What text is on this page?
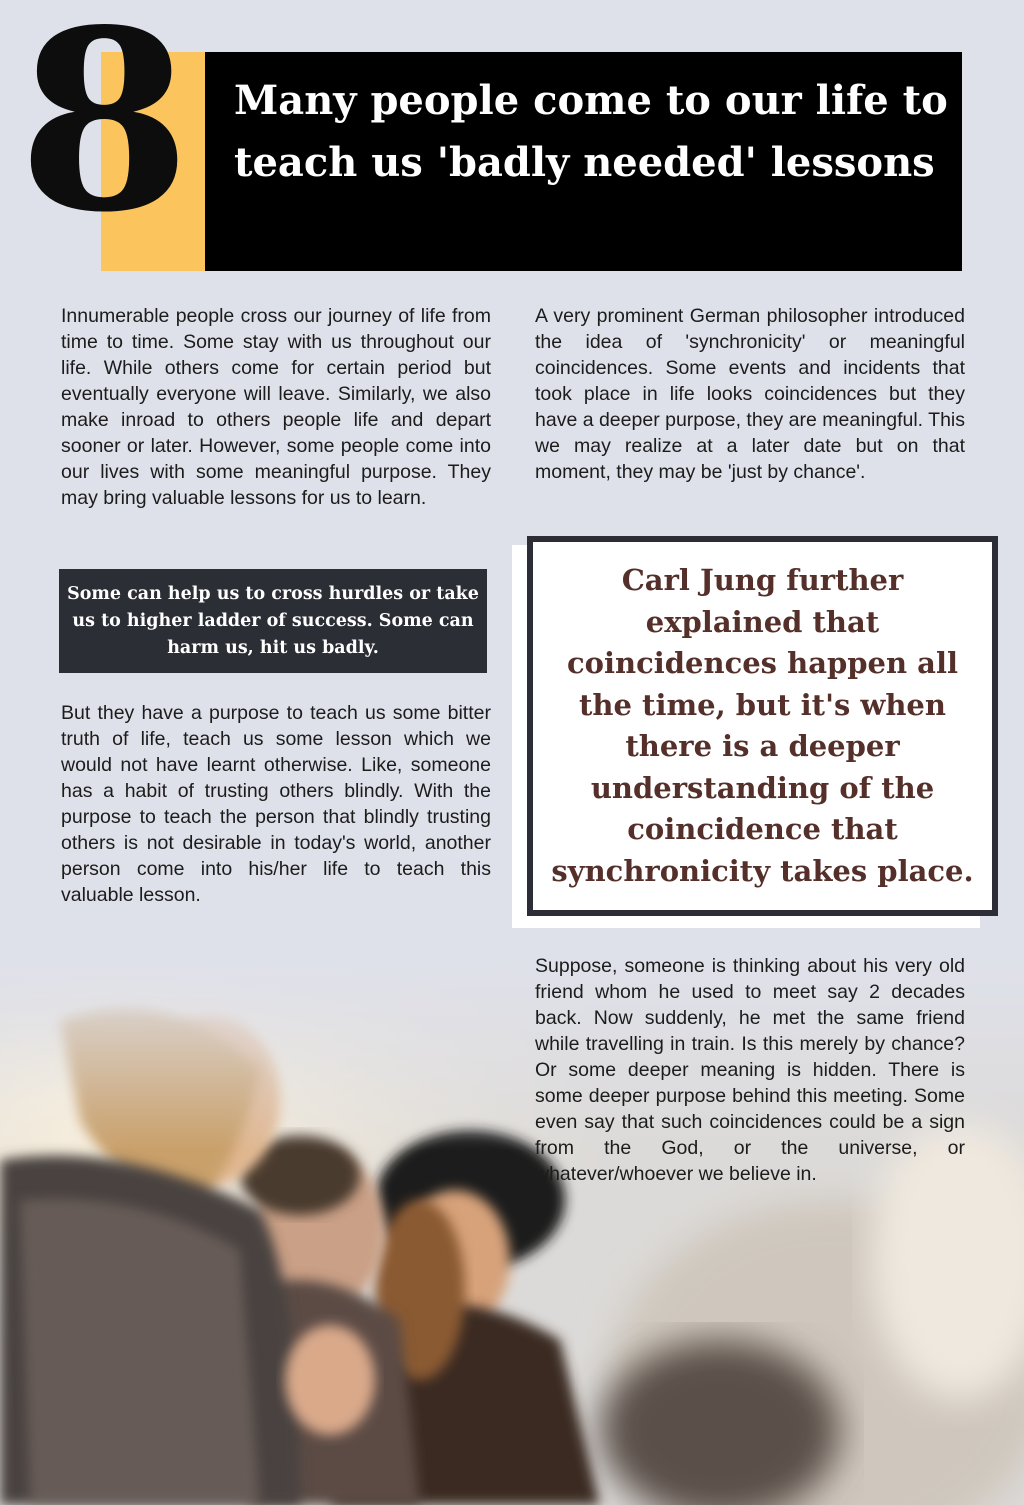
8 Many people come to our life to teach us 'badly needed' lessons

Innumerable people cross our journey of life from time to time. Some stay with us throughout our life. While others come for certain period but eventually everyone will leave. Similarly, we also make inroad to others people life and depart sooner or later. However, some people come into our lives with some meaningful purpose. They may bring valuable lessons for us to learn.

Some can help us to cross hurdles or take us to higher ladder of success. Some can harm us, hit us badly.

But they have a purpose to teach us some bitter truth of life, teach us some lesson which we would not have learnt otherwise. Like, someone has a habit of trusting others blindly. With the purpose to teach the person that blindly trusting others is not desirable in today's world, another person come into his/her life to teach this valuable lesson.

A very prominent German philosopher introduced the idea of 'synchronicity' or meaningful coincidences. Some events and incidents that took place in life looks coincidences but they have a deeper purpose, they are meaningful. This we may realize at a later date but on that moment, they may be 'just by chance'.

Carl Jung further explained that coincidences happen all the time, but it's when there is a deeper understanding of the coincidence that synchronicity takes place.

Suppose, someone is thinking about his very old friend whom he used to meet say 2 decades back. Now suddenly, he met the same friend while travelling in train. Is this merely by chance? Or some deeper meaning is hidden. There is some deeper purpose behind this meeting. Some even say that such coincidences could be a sign from the God, or the universe, or whatever/whoever we believe in.
